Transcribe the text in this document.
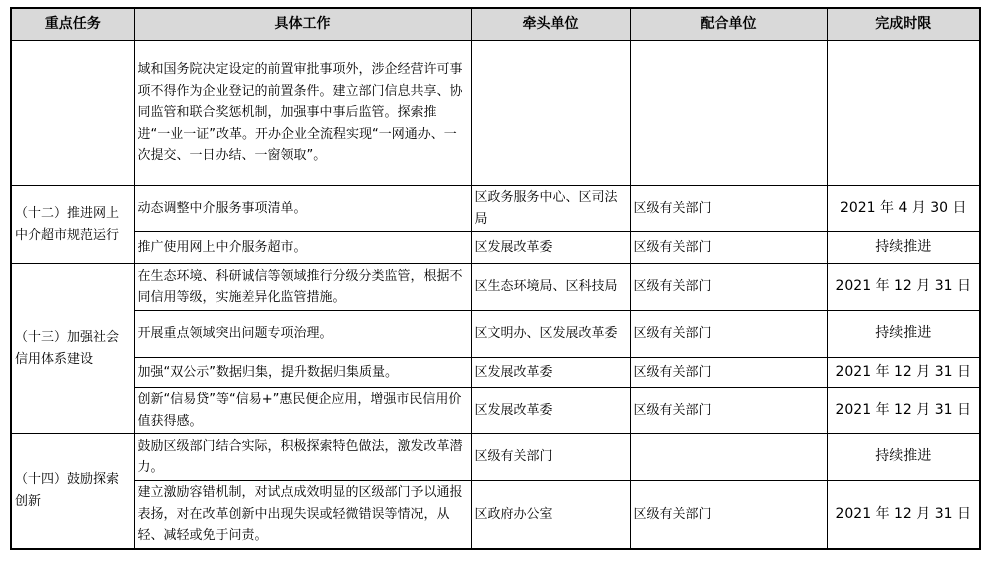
重点任务	具体工作	牵头单位	配合单位	完成时限
	域和国务院决定设定的前置审批事项外，涉企经营许可事项不得作为企业登记的前置条件。建立部门信息共享、协同监管和联合奖惩机制，加强事中事后监管。探索推进“一业一证”改革。开办企业全流程实现“一网通办、一次提交、一日办结、一窗领取”。			
（十二）推进网上中介超市规范运行	动态调整中介服务事项清单。	区政务服务中心、区司法局	区级有关部门	2021 年 4 月 30 日
	推广使用网上中介服务超市。	区发展改革委	区级有关部门	持续推进
（十三）加强社会信用体系建设	在生态环境、科研诚信等领域推行分级分类监管，根据不同信用等级，实施差异化监管措施。	区生态环境局、区科技局	区级有关部门	2021 年 12 月 31 日
	开展重点领域突出问题专项治理。	区文明办、区发展改革委	区级有关部门	持续推进
	加强“双公示”数据归集，提升数据归集质量。	区发展改革委	区级有关部门	2021 年 12 月 31 日
	创新“信易贷”等“信易+”惠民便企应用，增强市民信用价值获得感。	区发展改革委	区级有关部门	2021 年 12 月 31 日
（十四）鼓励探索创新	鼓励区级部门结合实际，积极探索特色做法，激发改革潜力。	区级有关部门		持续推进
	建立激励容错机制，对试点成效明显的区级部门予以通报表扬，对在改革创新中出现失误或轻微错误等情况，从轻、减轻或免于问责。	区政府办公室	区级有关部门	2021 年 12 月 31 日
